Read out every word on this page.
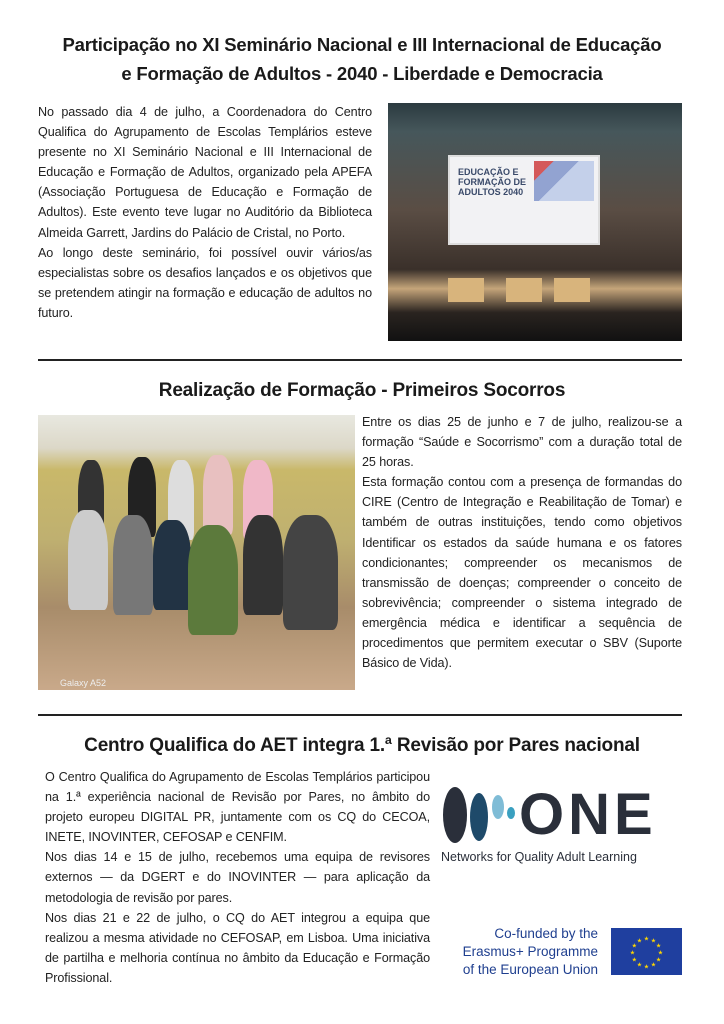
Participação no XI Seminário Nacional e III Internacional de Educação
e Formação de Adultos - 2040 - Liberdade e Democracia

No passado dia 4 de julho, a Coordenadora do Centro Qualifica do Agrupamento de Escolas Templários esteve presente no XI Seminário Nacional e III Internacional de Educação e Formação de Adultos, organizado pela APEFA (Associação Portuguesa de Educação e Formação de Adultos). Este evento teve lugar no Auditório da Biblioteca Almeida Garrett, Jardins do Palácio de Cristal, no Porto.

Ao longo deste seminário, foi possível ouvir vários/as especialistas sobre os desafios lançados e os objetivos que se pretendem atingir na formação e educação de adultos no futuro.

EDUCAÇÃO E FORMAÇÃO DE ADULTOS 2040
Realização de Formação - Primeiros Socorros
Galaxy A52

Entre os dias 25 de junho e 7 de julho, realizou-se a formação “Saúde e Socorrismo” com a duração total de 25 horas.

Esta formação contou com a presença de formandas do CIRE (Centro de Integração e Reabilitação de Tomar) e também de outras instituições, tendo como objetivos Identificar os estados da saúde humana e os fatores condicionantes; compreender os mecanismos de transmissão de doenças; compreender o conceito de sobrevivência; compreender o sistema integrado de emergência médica e identificar a sequência de procedimentos que permitem executar o SBV (Suporte Básico de Vida).

Centro Qualifica do AET integra 1.ª Revisão por Pares nacional

O Centro Qualifica do Agrupamento de Escolas Templários participou na 1.ª experiência nacional de Revisão por Pares, no âmbito do projeto europeu DIGITAL PR, juntamente com os CQ do CECOA, INETE, INOVINTER, CEFOSAP e CENFIM.

Nos dias 14 e 15 de julho, recebemos uma equipa de revisores externos — da DGERT e do INOVINTER — para aplicação da metodologia de revisão por pares.

Nos dias 21 e 22 de julho, o CQ do AET integrou a equipa que realizou a mesma atividade no CEFOSAP, em Lisboa. Uma iniciativa de partilha e melhoria contínua no âmbito da Educação e Formação Profissional.

ONE
Networks for Quality Adult Learning
Co-funded by the
Erasmus+ Programme
of the European Union
★
★
★
★
★
★
★
★
★ ★ ★
★
